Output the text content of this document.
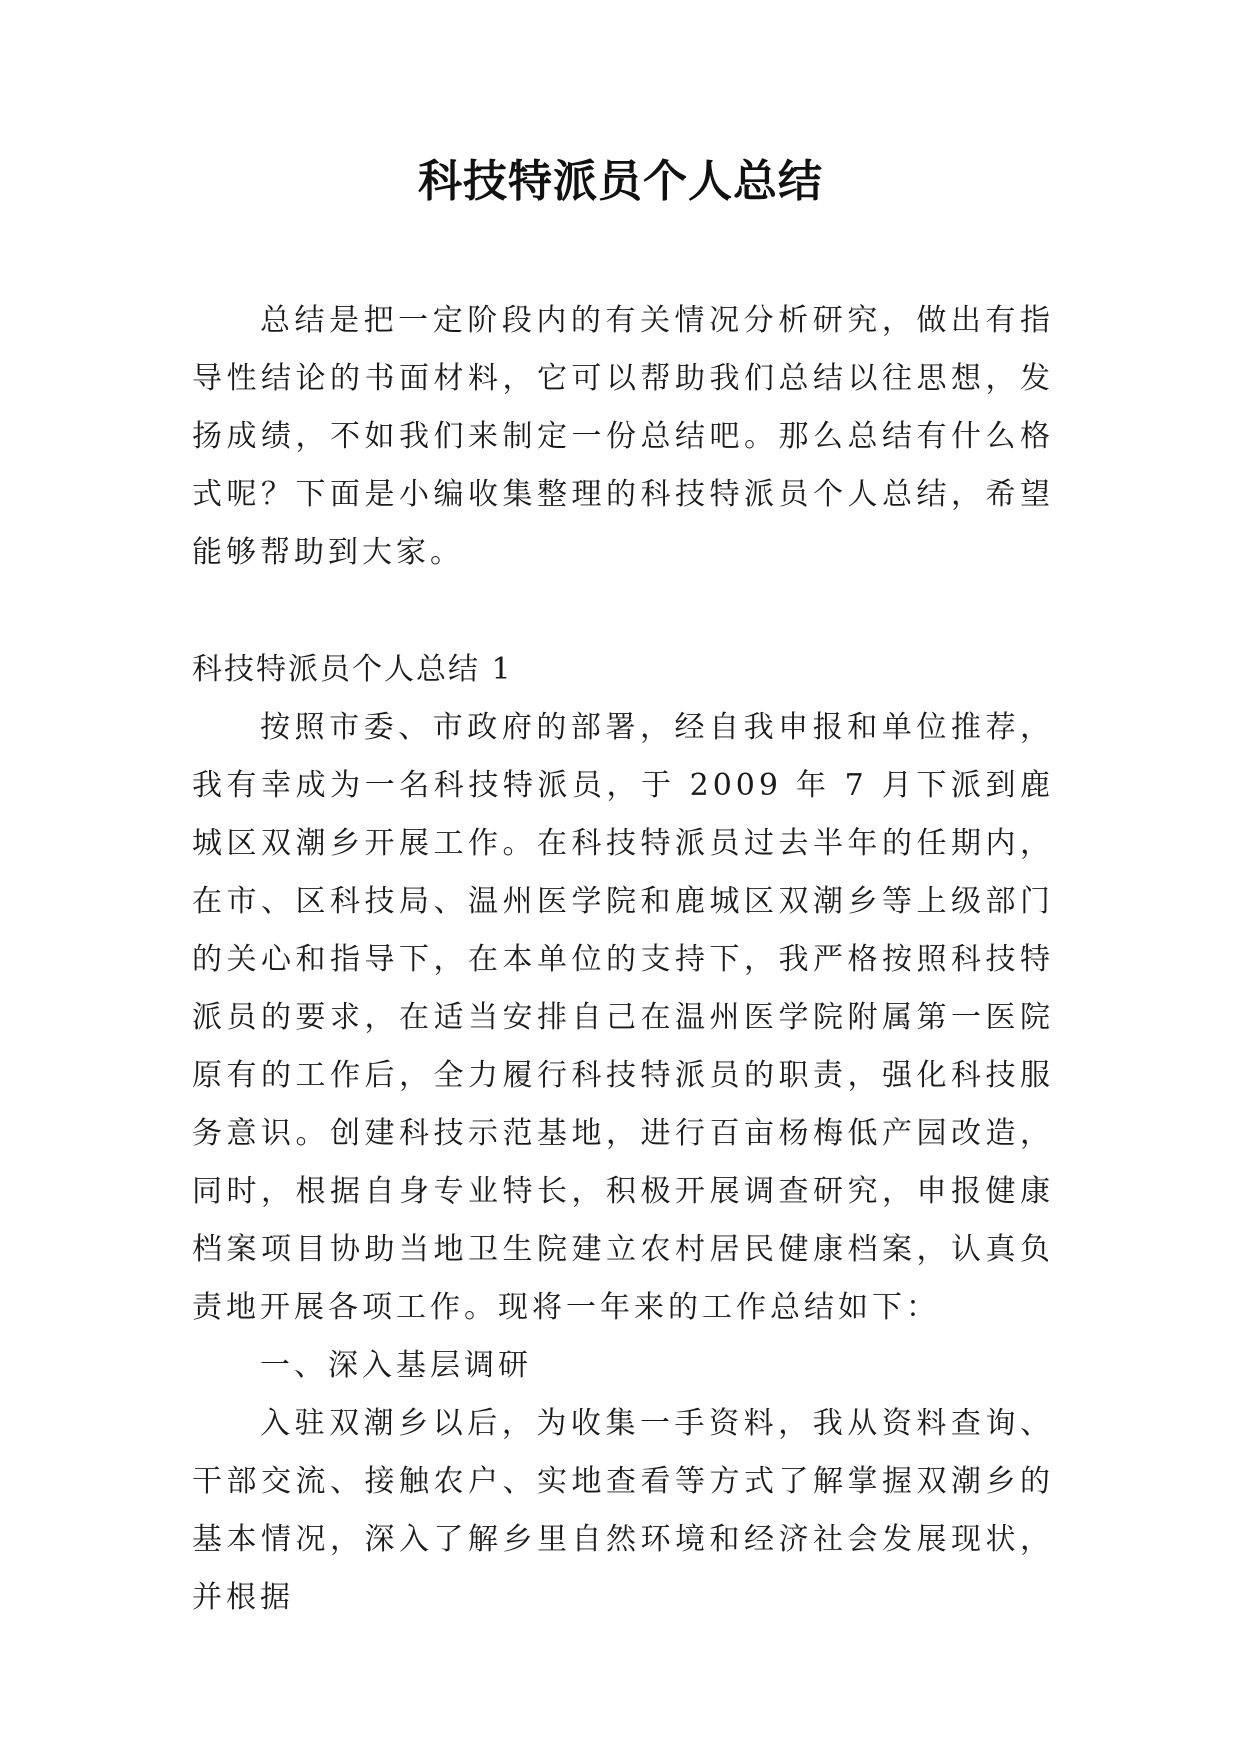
科技特派员个人总结

总结是把一定阶段内的有关情况分析研究，做出有指导性结论的书面材料，它可以帮助我们总结以往思想，发扬成绩，不如我们来制定一份总结吧。那么总结有什么格式呢？下面是小编收集整理的科技特派员个人总结，希望能够帮助到大家。

科技特派员个人总结 1

按照市委、市政府的部署，经自我申报和单位推荐，我有幸成为一名科技特派员，于 2009 年 7 月下派到鹿城区双潮乡开展工作。在科技特派员过去半年的任期内，在市、区科技局、温州医学院和鹿城区双潮乡等上级部门的关心和指导下，在本单位的支持下，我严格按照科技特派员的要求，在适当安排自己在温州医学院附属第一医院原有的工作后，全力履行科技特派员的职责，强化科技服务意识。创建科技示范基地，进行百亩杨梅低产园改造，同时，根据自身专业特长，积极开展调查研究，申报健康档案项目协助当地卫生院建立农村居民健康档案，认真负责地开展各项工作。现将一年来的工作总结如下：

一、深入基层调研

入驻双潮乡以后，为收集一手资料，我从资料查询、干部交流、接触农户、实地查看等方式了解掌握双潮乡的基本情况，深入了解乡里自然环境和经济社会发展现状，并根据
